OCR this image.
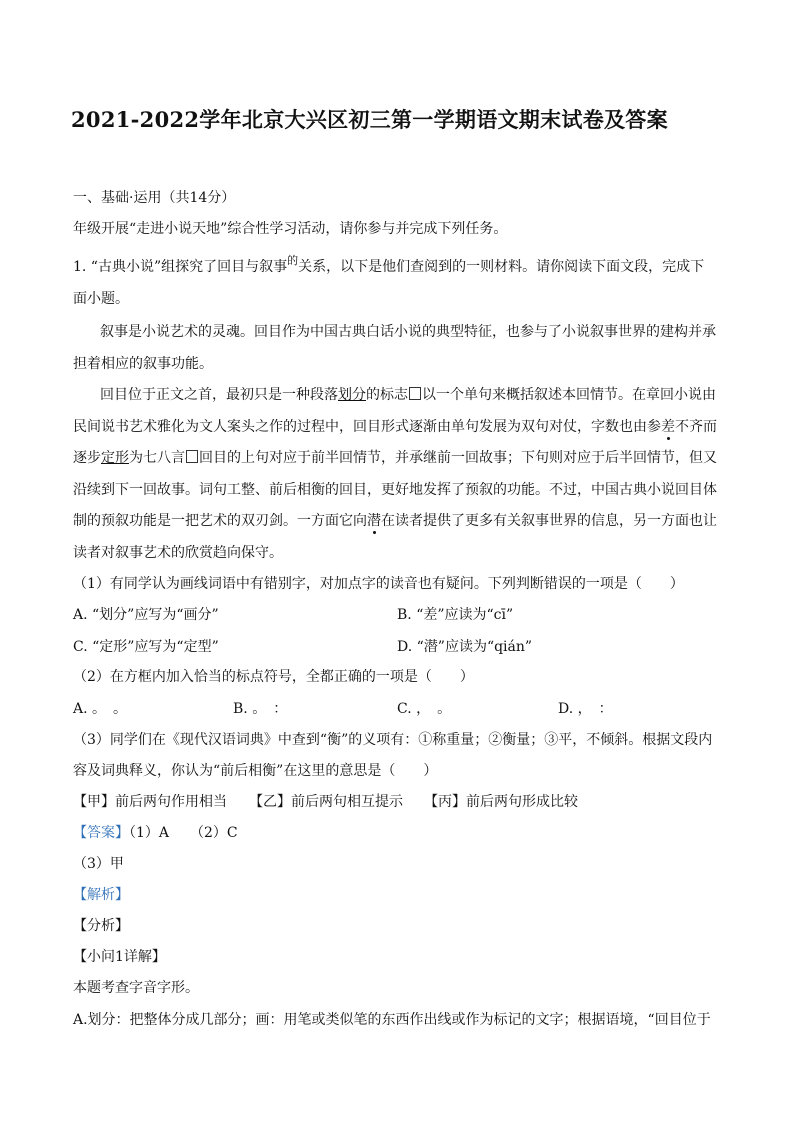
2021-2022学年北京大兴区初三第一学期语文期末试卷及答案
一、基础·运用（共14分）
年级开展“走进小说天地”综合性学习活动，请你参与并完成下列任务。
1. “古典小说”组探究了回目与叙事$^的$关系，以下是他们查阅到的一则材料。请你阅读下面文段，完成下
面小题。
叙事是小说艺术的灵魂。回目作为中国古典白话小说的典型特征，也参与了小说叙事世界的建构并承
担着相应的叙事功能。
回目位于正文之首，最初只是一种段落划分的标志 以一个单句来概括叙述本回情节。在章回小说由
民间说书艺术雅化为文人案头之作的过程中，回目形式逐渐由单句发展为双句对仗，字数也由参差不齐而
逐步定形为七八言 回目的上句对应于前半回情节，并承继前一回故事；下句则对应于后半回情节，但又
沿续到下一回故事。词句工整、前后相衡的回目，更好地发挥了预叙的功能。不过，中国古典小说回目体
制的预叙功能是一把艺术的双刃剑。一方面它向潜在读者提供了更多有关叙事世界的信息，另一方面也让
读者对叙事艺术的欣赏趋向保守。
（1）有同学认为画线词语中有错别字，对加点字的读音也有疑问。下列判断错误的一项是（　　）
A. “划分”应写为“画分”	B. “差”应读为“cī”
C. “定形”应写为“定型”	D. “潜”应读为“qián”
（2）在方框内加入恰当的标点符号，全都正确的一项是（　　）
A. 。　。	B. 。　：	C. ，　。	D. ，　：
（3）同学们在《现代汉语词典》中查到“衡”的义项有：①称重量；②衡量；③平，不倾斜。根据文段内
容及词典释义，你认为“前后相衡”在这里的意思是（　　）
【甲】前后两句作用相当 【乙】前后两句相互提示 【丙】前后两句形成比较
【答案】（1）A　　（2）C
（3）甲
【解析】
【分析】
【小问1详解】
本题考查字音字形。
A.划分：把整体分成几部分；画：用笔或类似笔的东西作出线或作为标记的文字；根据语境，“回目位于
